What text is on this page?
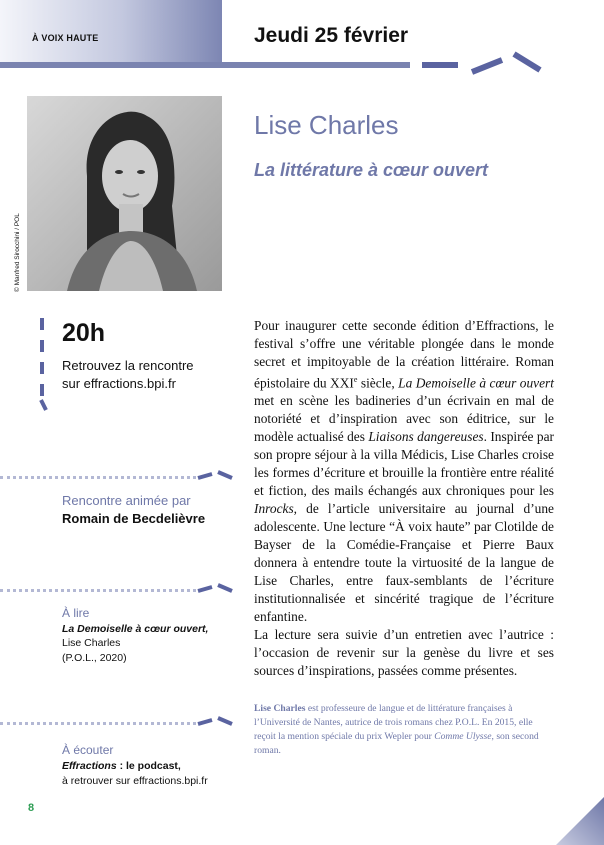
À VOIX HAUTE	Jeudi 25 février
© Manfred Sirocchini / POL
Lise Charles
La littérature à cœur ouvert
20h
Retrouvez la rencontre
sur effractions.bpi.fr
Rencontre animée par
Romain de Becdelièvre
À lire
La Demoiselle à cœur ouvert,
Lise Charles
(P.O.L., 2020)
À écouter
Effractions : le podcast,
à retrouver sur effractions.bpi.fr

Pour inaugurer cette seconde édition d’Effractions, le festival s’offre une véritable plongée dans le monde secret et impitoyable de la création littéraire. Roman épistolaire du XXIe siècle, La Demoiselle à cœur ouvert met en scène les badineries d’un écrivain en mal de notoriété et d’inspiration avec son éditrice, sur le modèle actualisé des Liaisons dangereuses. Inspirée par son propre séjour à la villa Médicis, Lise Charles croise les formes d’écriture et brouille la frontière entre réalité et fiction, des mails échangés aux chroniques pour les Inrocks, de l’article universitaire au journal d’une adolescente. Une lecture “À voix haute” par Clotilde de Bayser de la Comédie-Française et Pierre Baux donnera à entendre toute la virtuosité de la langue de Lise Charles, entre faux-semblants de l’écriture institutionnalisée et sincérité tragique de l’écriture enfantine.

La lecture sera suivie d’un entretien avec l’autrice : l’occasion de revenir sur la genèse du livre et ses sources d’inspirations, passées comme présentes.

Lise Charles est professeure de langue et de littérature françaises à l’Université de Nantes, autrice de trois romans chez P.O.L. En 2015, elle reçoit la mention spéciale du prix Wepler pour Comme Ulysse, son second roman.

8
